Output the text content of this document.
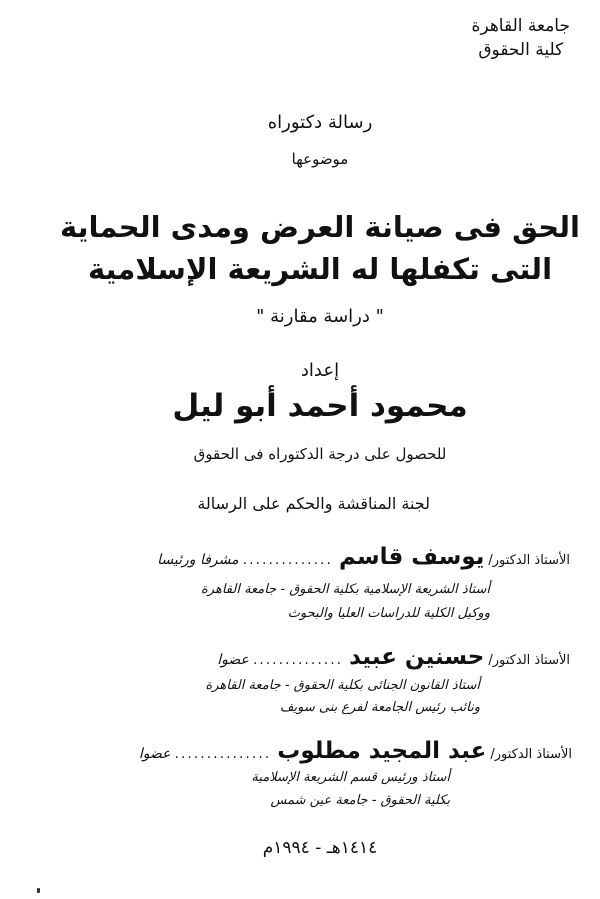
جامعة القاهرة
كلية الحقوق
رسالة دكتوراه
موضوعها
الحق فى صيانة العرض ومدى الحماية
التى تكفلها له الشريعة الإسلامية
" دراسة مقارنة "
إعداد
محمود أحمد أبو ليل
للحصول على درجة الدكتوراه فى الحقوق
لجنة المناقشة والحكم على الرسالة
الأستاذ الدكتور/
يوسف قاسم
..............
مشرفا ورئيسا
أستاذ الشريعة الإسلامية بكلية الحقوق - جامعة القاهرة
ووكيل الكلية للدراسات العليا والبحوث
الأستاذ الدكتور/
حسنين عبيد
..............
عضوا
أستاذ القانون الجنائى بكلية الحقوق - جامعة القاهرة
ونائب رئيس الجامعة لفرع بنى سويف
الأستاذ الدكتور/
عبد المجيد مطلوب
...............
عضوا
أستاذ ورئيس قسم الشريعة الإسلامية
بكلية الحقوق - جامعة عين شمس
١٤١٤هـ - ١٩٩٤م
